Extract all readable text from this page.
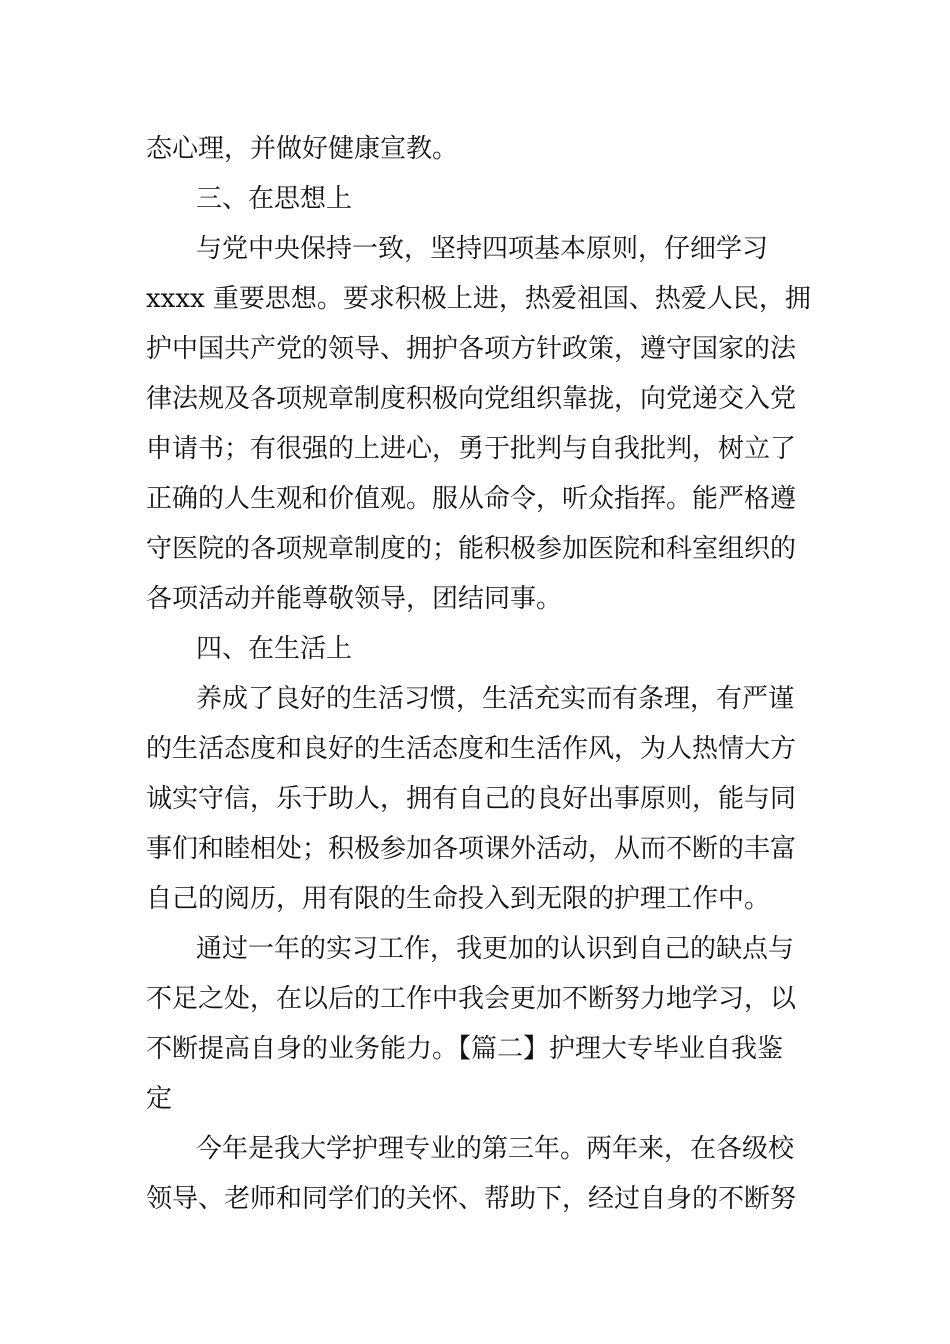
态心理，并做好健康宣教。
三、在思想上
与党中央保持一致，坚持四项基本原则，仔细学习
xxxx 重要思想。要求积极上进，热爱祖国、热爱人民，拥
护中国共产党的领导、拥护各项方针政策，遵守国家的法
律法规及各项规章制度积极向党组织靠拢，向党递交入党
申请书；有很强的上进心，勇于批判与自我批判，树立了
正确的人生观和价值观。服从命令，听众指挥。能严格遵
守医院的各项规章制度的；能积极参加医院和科室组织的
各项活动并能尊敬领导，团结同事。
四、在生活上
养成了良好的生活习惯，生活充实而有条理，有严谨
的生活态度和良好的生活态度和生活作风，为人热情大方
诚实守信，乐于助人，拥有自己的良好出事原则，能与同
事们和睦相处；积极参加各项课外活动，从而不断的丰富
自己的阅历，用有限的生命投入到无限的护理工作中。
通过一年的实习工作，我更加的认识到自己的缺点与
不足之处，在以后的工作中我会更加不断努力地学习，以
不断提高自身的业务能力。【篇二】护理大专毕业自我鉴
定
今年是我大学护理专业的第三年。两年来，在各级校
领导、老师和同学们的关怀、帮助下，经过自身的不断努
